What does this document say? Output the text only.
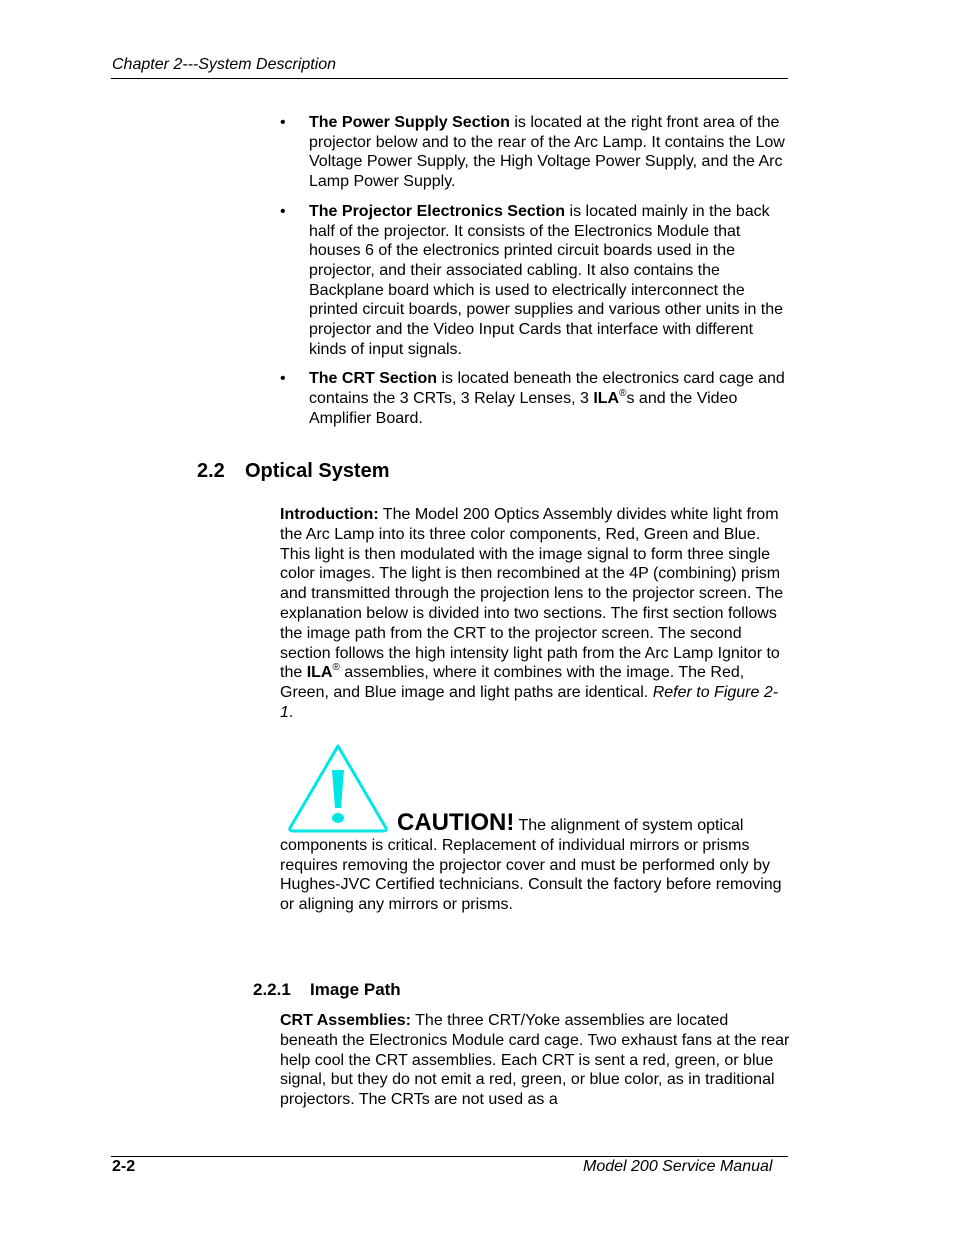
Chapter 2---System Description
• The Power Supply Section is located at the right front area of the projector below and to the rear of the Arc Lamp. It contains the Low Voltage Power Supply, the High Voltage Power Supply, and the Arc Lamp Power Supply.
• The Projector Electronics Section is located mainly in the back half of the projector. It consists of the Electronics Module that houses 6 of the electronics printed circuit boards used in the projector, and their associated cabling. It also contains the Backplane board which is used to electrically interconnect the printed circuit boards, power supplies and various other units in the projector and the Video Input Cards that interface with different kinds of input signals.
• The CRT Section is located beneath the electronics card cage and contains the 3 CRTs, 3 Relay Lenses, 3 ILA®s and the Video Amplifier Board.
2.2 Optical System
Introduction: The Model 200 Optics Assembly divides white light from the Arc Lamp into its three color components, Red, Green and Blue. This light is then modulated with the image signal to form three single color images. The light is then recombined at the 4P (combining) prism and transmitted through the projection lens to the projector screen. The explanation below is divided into two sections. The first section follows the image path from the CRT to the projector screen. The second section follows the high intensity light path from the Arc Lamp Ignitor to the ILA® assemblies, where it combines with the image. The Red, Green, and Blue image and light paths are identical. Refer to Figure 2-1.
CAUTION! The alignment of system optical components is critical. Replacement of individual mirrors or prisms requires removing the projector cover and must be performed only by Hughes-JVC Certified technicians. Consult the factory before removing or aligning any mirrors or prisms.
2.2.1 Image Path
CRT Assemblies: The three CRT/Yoke assemblies are located beneath the Electronics Module card cage. Two exhaust fans at the rear help cool the CRT assemblies. Each CRT is sent a red, green, or blue signal, but they do not emit a red, green, or blue color, as in traditional projectors. The CRTs are not used as a
2-2	Model 200 Service Manual
